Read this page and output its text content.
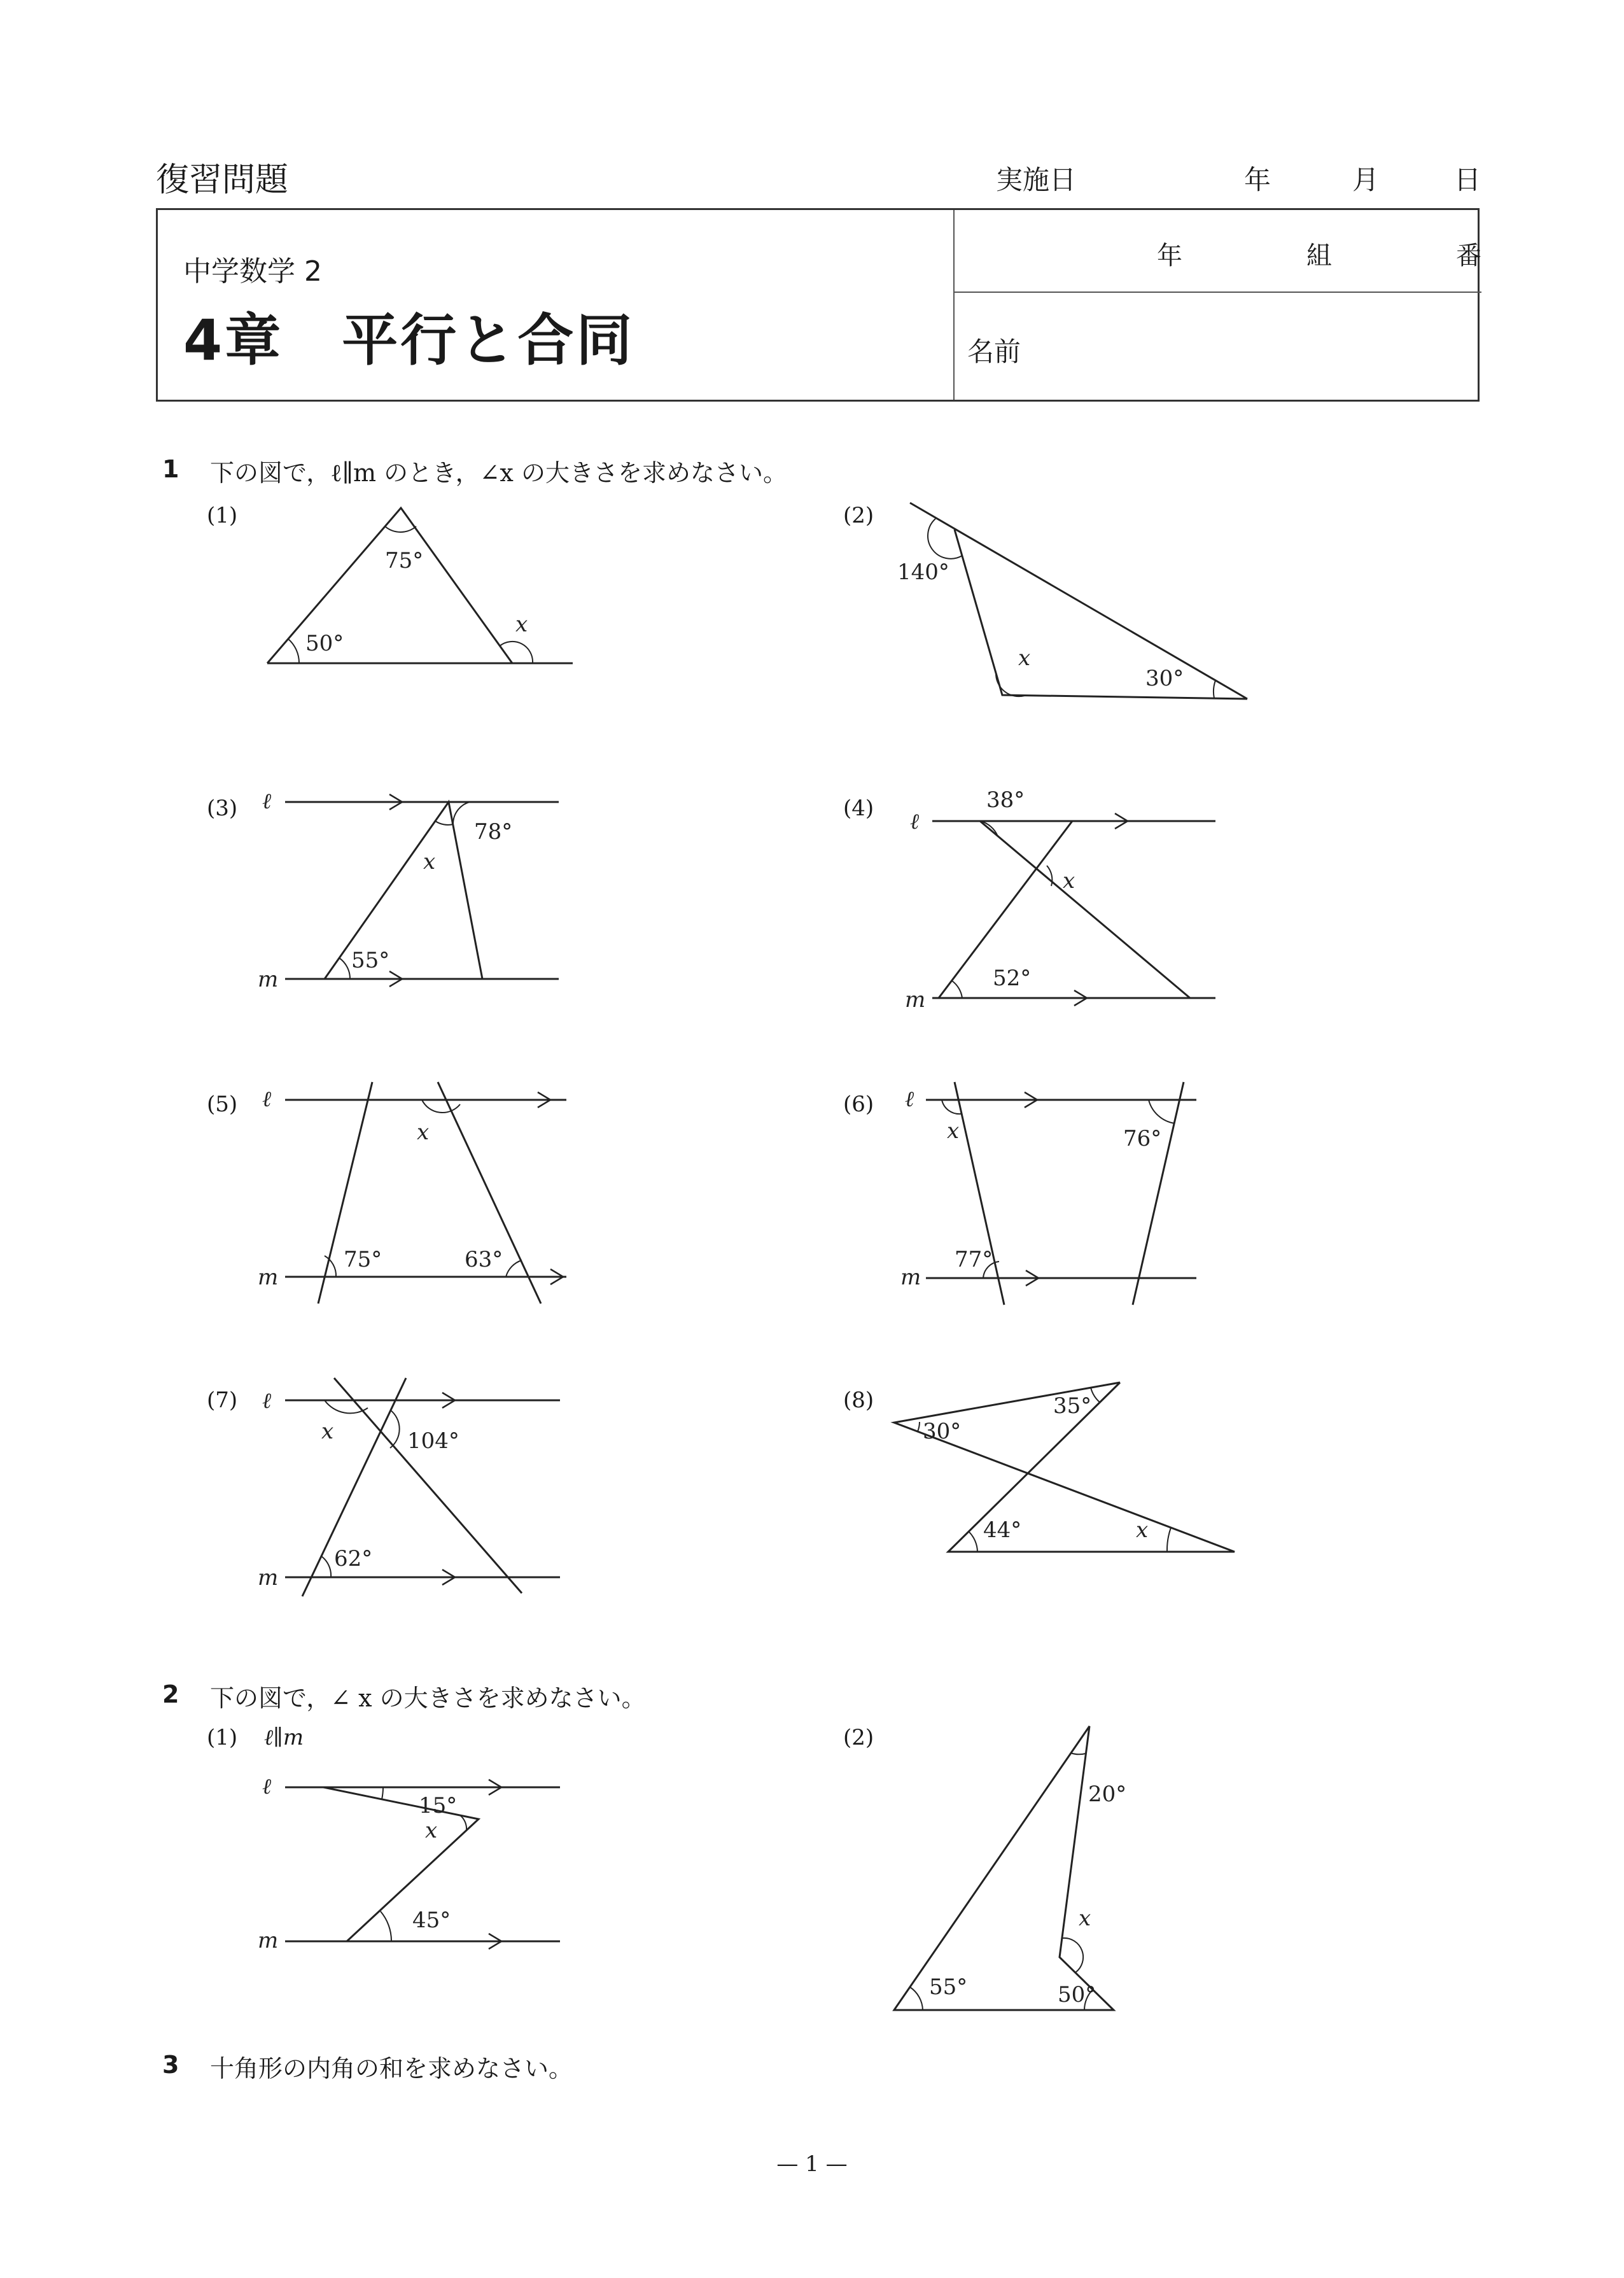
復習問題	実施日	年	月	日
中学数学 2
4章　平行と合同
年	組	番
名前
1 下の図で，ℓ∥m のとき，∠x の大きさを求めなさい。
(1)
75°
50°
x
(2)
140°
30°
x
(3) ℓ
m
78°
55°
x
(4)
ℓ
m
38°
52°
x
(5) ℓ
m
x
75°	63°
(6) ℓ
m
x	76°
77°
(7) ℓ
m
x	104°
62°
(8)
30°
35°
44°	x
2 下の図で，∠ x の大きさを求めなさい。
(1) ℓ∥m
ℓ
m
15°
x
45°
(2)
20°
x
55°	50°
3 十角形の内角の和を求めなさい。
— 1 —
